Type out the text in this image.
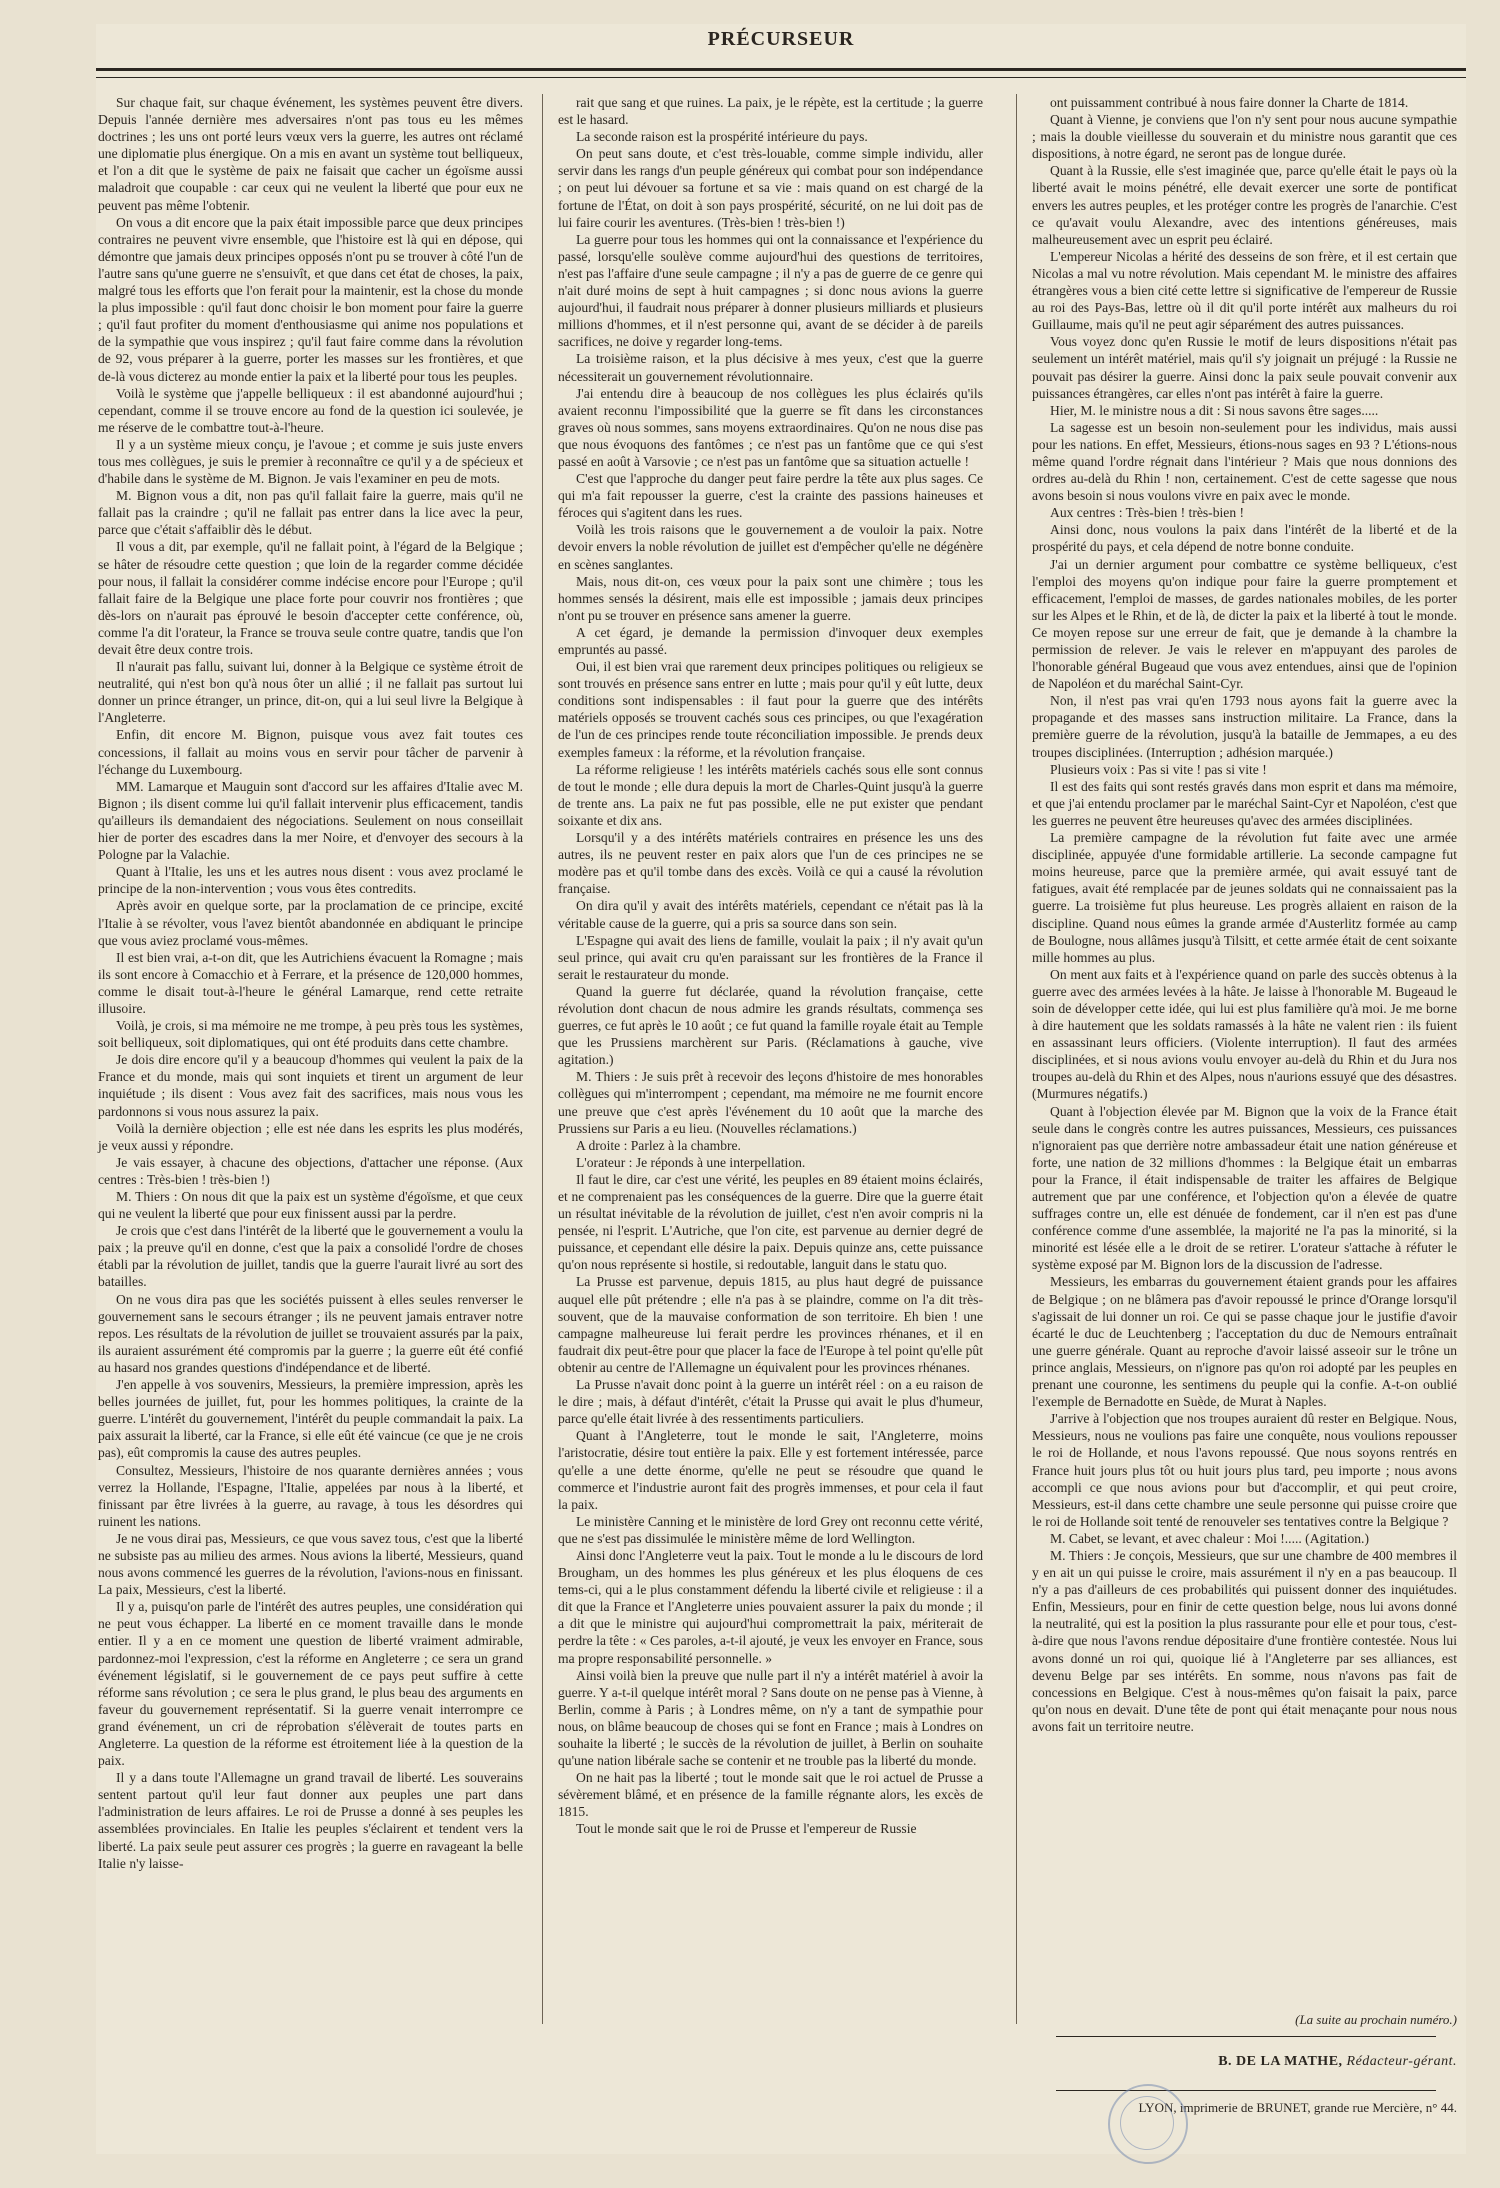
PRÉCURSEUR

Sur chaque fait, sur chaque événement, les systèmes peuvent être divers. Depuis l'année dernière mes adversaires n'ont pas tous eu les mêmes doctrines ; les uns ont porté leurs vœux vers la guerre, les autres ont réclamé une diplomatie plus énergique. On a mis en avant un système tout belliqueux, et l'on a dit que le système de paix ne faisait que cacher un égoïsme aussi maladroit que coupable : car ceux qui ne veulent la liberté que pour eux ne peuvent pas même l'obtenir.

On vous a dit encore que la paix était impossible parce que deux principes contraires ne peuvent vivre ensemble, que l'histoire est là qui en dépose, qui démontre que jamais deux principes opposés n'ont pu se trouver à côté l'un de l'autre sans qu'une guerre ne s'ensuivît, et que dans cet état de choses, la paix, malgré tous les efforts que l'on ferait pour la maintenir, est la chose du monde la plus impossible : qu'il faut donc choisir le bon moment pour faire la guerre ; qu'il faut profiter du moment d'enthousiasme qui anime nos populations et de la sympathie que vous inspirez ; qu'il faut faire comme dans la révolution de 92, vous préparer à la guerre, porter les masses sur les frontières, et que de-là vous dicterez au monde entier la paix et la liberté pour tous les peuples.

Voilà le système que j'appelle belliqueux : il est abandonné aujourd'hui ; cependant, comme il se trouve encore au fond de la question ici soulevée, je me réserve de le combattre tout-à-l'heure.

Il y a un système mieux conçu, je l'avoue ; et comme je suis juste envers tous mes collègues, je suis le premier à reconnaître ce qu'il y a de spécieux et d'habile dans le système de M. Bignon. Je vais l'examiner en peu de mots.

M. Bignon vous a dit, non pas qu'il fallait faire la guerre, mais qu'il ne fallait pas la craindre ; qu'il ne fallait pas entrer dans la lice avec la peur, parce que c'était s'affaiblir dès le début.

Il vous a dit, par exemple, qu'il ne fallait point, à l'égard de la Belgique ; se hâter de résoudre cette question ; que loin de la regarder comme décidée pour nous, il fallait la considérer comme indécise encore pour l'Europe ; qu'il fallait faire de la Belgique une place forte pour couvrir nos frontières ; que dès-lors on n'aurait pas éprouvé le besoin d'accepter cette conférence, où, comme l'a dit l'orateur, la France se trouva seule contre quatre, tandis que l'on devait être deux contre trois.

Il n'aurait pas fallu, suivant lui, donner à la Belgique ce système étroit de neutralité, qui n'est bon qu'à nous ôter un allié ; il ne fallait pas surtout lui donner un prince étranger, un prince, dit-on, qui a lui seul livre la Belgique à l'Angleterre.

Enfin, dit encore M. Bignon, puisque vous avez fait toutes ces concessions, il fallait au moins vous en servir pour tâcher de parvenir à l'échange du Luxembourg.

MM. Lamarque et Mauguin sont d'accord sur les affaires d'Italie avec M. Bignon ; ils disent comme lui qu'il fallait intervenir plus efficacement, tandis qu'ailleurs ils demandaient des négociations. Seulement on nous conseillait hier de porter des escadres dans la mer Noire, et d'envoyer des secours à la Pologne par la Valachie.

Quant à l'Italie, les uns et les autres nous disent : vous avez proclamé le principe de la non-intervention ; vous vous êtes contredits.

Après avoir en quelque sorte, par la proclamation de ce principe, excité l'Italie à se révolter, vous l'avez bientôt abandonnée en abdiquant le principe que vous aviez proclamé vous-mêmes.

Il est bien vrai, a-t-on dit, que les Autrichiens évacuent la Romagne ; mais ils sont encore à Comacchio et à Ferrare, et la présence de 120,000 hommes, comme le disait tout-à-l'heure le général Lamarque, rend cette retraite illusoire.

Voilà, je crois, si ma mémoire ne me trompe, à peu près tous les systèmes, soit belliqueux, soit diplomatiques, qui ont été produits dans cette chambre.

Je dois dire encore qu'il y a beaucoup d'hommes qui veulent la paix de la France et du monde, mais qui sont inquiets et tirent un argument de leur inquiétude ; ils disent : Vous avez fait des sacrifices, mais nous vous les pardonnons si vous nous assurez la paix.

Voilà la dernière objection ; elle est née dans les esprits les plus modérés, je veux aussi y répondre.

Je vais essayer, à chacune des objections, d'attacher une réponse. (Aux centres : Très-bien ! très-bien !)

M. Thiers : On nous dit que la paix est un système d'égoïsme, et que ceux qui ne veulent la liberté que pour eux finissent aussi par la perdre.

Je crois que c'est dans l'intérêt de la liberté que le gouvernement a voulu la paix ; la preuve qu'il en donne, c'est que la paix a consolidé l'ordre de choses établi par la révolution de juillet, tandis que la guerre l'aurait livré au sort des batailles.

On ne vous dira pas que les sociétés puissent à elles seules renverser le gouvernement sans le secours étranger ; ils ne peuvent jamais entraver notre repos. Les résultats de la révolution de juillet se trouvaient assurés par la paix, ils auraient assurément été compromis par la guerre ; la guerre eût été confié au hasard nos grandes questions d'indépendance et de liberté.

J'en appelle à vos souvenirs, Messieurs, la première impression, après les belles journées de juillet, fut, pour les hommes politiques, la crainte de la guerre. L'intérêt du gouvernement, l'intérêt du peuple commandait la paix. La paix assurait la liberté, car la France, si elle eût été vaincue (ce que je ne crois pas), eût compromis la cause des autres peuples.

Consultez, Messieurs, l'histoire de nos quarante dernières années ; vous verrez la Hollande, l'Espagne, l'Italie, appelées par nous à la liberté, et finissant par être livrées à la guerre, au ravage, à tous les désordres qui ruinent les nations.

Je ne vous dirai pas, Messieurs, ce que vous savez tous, c'est que la liberté ne subsiste pas au milieu des armes. Nous avions la liberté, Messieurs, quand nous avons commencé les guerres de la révolution, l'avions-nous en finissant. La paix, Messieurs, c'est la liberté.

Il y a, puisqu'on parle de l'intérêt des autres peuples, une considération qui ne peut vous échapper. La liberté en ce moment travaille dans le monde entier. Il y a en ce moment une question de liberté vraiment admirable, pardonnez-moi l'expression, c'est la réforme en Angleterre ; ce sera un grand événement législatif, si le gouvernement de ce pays peut suffire à cette réforme sans révolution ; ce sera le plus grand, le plus beau des arguments en faveur du gouvernement représentatif. Si la guerre venait interrompre ce grand événement, un cri de réprobation s'élèverait de toutes parts en Angleterre. La question de la réforme est étroitement liée à la question de la paix.

Il y a dans toute l'Allemagne un grand travail de liberté. Les souverains sentent partout qu'il leur faut donner aux peuples une part dans l'administration de leurs affaires. Le roi de Prusse a donné à ses peuples les assemblées provinciales. En Italie les peuples s'éclairent et tendent vers la liberté. La paix seule peut assurer ces progrès ; la guerre en ravageant la belle Italie n'y laisse-

rait que sang et que ruines. La paix, je le répète, est la certitude ; la guerre est le hasard.

La seconde raison est la prospérité intérieure du pays.

On peut sans doute, et c'est très-louable, comme simple individu, aller servir dans les rangs d'un peuple généreux qui combat pour son indépendance ; on peut lui dévouer sa fortune et sa vie : mais quand on est chargé de la fortune de l'État, on doit à son pays prospérité, sécurité, on ne lui doit pas de lui faire courir les aventures. (Très-bien ! très-bien !)

La guerre pour tous les hommes qui ont la connaissance et l'expérience du passé, lorsqu'elle soulève comme aujourd'hui des questions de territoires, n'est pas l'affaire d'une seule campagne ; il n'y a pas de guerre de ce genre qui n'ait duré moins de sept à huit campagnes ; si donc nous avions la guerre aujourd'hui, il faudrait nous préparer à donner plusieurs milliards et plusieurs millions d'hommes, et il n'est personne qui, avant de se décider à de pareils sacrifices, ne doive y regarder long-tems.

La troisième raison, et la plus décisive à mes yeux, c'est que la guerre nécessiterait un gouvernement révolutionnaire.

J'ai entendu dire à beaucoup de nos collègues les plus éclairés qu'ils avaient reconnu l'impossibilité que la guerre se fît dans les circonstances graves où nous sommes, sans moyens extraordinaires. Qu'on ne nous dise pas que nous évoquons des fantômes ; ce n'est pas un fantôme que ce qui s'est passé en août à Varsovie ; ce n'est pas un fantôme que sa situation actuelle !

C'est que l'approche du danger peut faire perdre la tête aux plus sages. Ce qui m'a fait repousser la guerre, c'est la crainte des passions haineuses et féroces qui s'agitent dans les rues.

Voilà les trois raisons que le gouvernement a de vouloir la paix. Notre devoir envers la noble révolution de juillet est d'empêcher qu'elle ne dégénère en scènes sanglantes.

Mais, nous dit-on, ces vœux pour la paix sont une chimère ; tous les hommes sensés la désirent, mais elle est impossible ; jamais deux principes n'ont pu se trouver en présence sans amener la guerre.

A cet égard, je demande la permission d'invoquer deux exemples empruntés au passé.

Oui, il est bien vrai que rarement deux principes politiques ou religieux se sont trouvés en présence sans entrer en lutte ; mais pour qu'il y eût lutte, deux conditions sont indispensables : il faut pour la guerre que des intérêts matériels opposés se trouvent cachés sous ces principes, ou que l'exagération de l'un de ces principes rende toute réconciliation impossible. Je prends deux exemples fameux : la réforme, et la révolution française.

La réforme religieuse ! les intérêts matériels cachés sous elle sont connus de tout le monde ; elle dura depuis la mort de Charles-Quint jusqu'à la guerre de trente ans. La paix ne fut pas possible, elle ne put exister que pendant soixante et dix ans.

Lorsqu'il y a des intérêts matériels contraires en présence les uns des autres, ils ne peuvent rester en paix alors que l'un de ces principes ne se modère pas et qu'il tombe dans des excès. Voilà ce qui a causé la révolution française.

On dira qu'il y avait des intérêts matériels, cependant ce n'était pas là la véritable cause de la guerre, qui a pris sa source dans son sein.

L'Espagne qui avait des liens de famille, voulait la paix ; il n'y avait qu'un seul prince, qui avait cru qu'en paraissant sur les frontières de la France il serait le restaurateur du monde.

Quand la guerre fut déclarée, quand la révolution française, cette révolution dont chacun de nous admire les grands résultats, commença ses guerres, ce fut après le 10 août ; ce fut quand la famille royale était au Temple que les Prussiens marchèrent sur Paris. (Réclamations à gauche, vive agitation.)

M. Thiers : Je suis prêt à recevoir des leçons d'histoire de mes honorables collègues qui m'interrompent ; cependant, ma mémoire ne me fournit encore une preuve que c'est après l'événement du 10 août que la marche des Prussiens sur Paris a eu lieu. (Nouvelles réclamations.)

A droite : Parlez à la chambre.

L'orateur : Je réponds à une interpellation.

Il faut le dire, car c'est une vérité, les peuples en 89 étaient moins éclairés, et ne comprenaient pas les conséquences de la guerre. Dire que la guerre était un résultat inévitable de la révolution de juillet, c'est n'en avoir compris ni la pensée, ni l'esprit. L'Autriche, que l'on cite, est parvenue au dernier degré de puissance, et cependant elle désire la paix. Depuis quinze ans, cette puissance qu'on nous représente si hostile, si redoutable, languit dans le statu quo.

La Prusse est parvenue, depuis 1815, au plus haut degré de puissance auquel elle pût prétendre ; elle n'a pas à se plaindre, comme on l'a dit très-souvent, que de la mauvaise conformation de son territoire. Eh bien ! une campagne malheureuse lui ferait perdre les provinces rhénanes, et il en faudrait dix peut-être pour que placer la face de l'Europe à tel point qu'elle pût obtenir au centre de l'Allemagne un équivalent pour les provinces rhénanes.

La Prusse n'avait donc point à la guerre un intérêt réel : on a eu raison de le dire ; mais, à défaut d'intérêt, c'était la Prusse qui avait le plus d'humeur, parce qu'elle était livrée à des ressentiments particuliers.

Quant à l'Angleterre, tout le monde le sait, l'Angleterre, moins l'aristocratie, désire tout entière la paix. Elle y est fortement intéressée, parce qu'elle a une dette énorme, qu'elle ne peut se résoudre que quand le commerce et l'industrie auront fait des progrès immenses, et pour cela il faut la paix.

Le ministère Canning et le ministère de lord Grey ont reconnu cette vérité, que ne s'est pas dissimulée le ministère même de lord Wellington.

Ainsi donc l'Angleterre veut la paix. Tout le monde a lu le discours de lord Brougham, un des hommes les plus généreux et les plus éloquens de ces tems-ci, qui a le plus constamment défendu la liberté civile et religieuse : il a dit que la France et l'Angleterre unies pouvaient assurer la paix du monde ; il a dit que le ministre qui aujourd'hui compromettrait la paix, mériterait de perdre la tête : « Ces paroles, a-t-il ajouté, je veux les envoyer en France, sous ma propre responsabilité personnelle. »

Ainsi voilà bien la preuve que nulle part il n'y a intérêt matériel à avoir la guerre. Y a-t-il quelque intérêt moral ? Sans doute on ne pense pas à Vienne, à Berlin, comme à Paris ; à Londres même, on n'y a tant de sympathie pour nous, on blâme beaucoup de choses qui se font en France ; mais à Londres on souhaite la liberté ; le succès de la révolution de juillet, à Berlin on souhaite qu'une nation libérale sache se contenir et ne trouble pas la liberté du monde.

On ne hait pas la liberté ; tout le monde sait que le roi actuel de Prusse a sévèrement blâmé, et en présence de la famille régnante alors, les excès de 1815.

Tout le monde sait que le roi de Prusse et l'empereur de Russie

ont puissamment contribué à nous faire donner la Charte de 1814.

Quant à Vienne, je conviens que l'on n'y sent pour nous aucune sympathie ; mais la double vieillesse du souverain et du ministre nous garantit que ces dispositions, à notre égard, ne seront pas de longue durée.

Quant à la Russie, elle s'est imaginée que, parce qu'elle était le pays où la liberté avait le moins pénétré, elle devait exercer une sorte de pontificat envers les autres peuples, et les protéger contre les progrès de l'anarchie. C'est ce qu'avait voulu Alexandre, avec des intentions généreuses, mais malheureusement avec un esprit peu éclairé.

L'empereur Nicolas a hérité des desseins de son frère, et il est certain que Nicolas a mal vu notre révolution. Mais cependant M. le ministre des affaires étrangères vous a bien cité cette lettre si significative de l'empereur de Russie au roi des Pays-Bas, lettre où il dit qu'il porte intérêt aux malheurs du roi Guillaume, mais qu'il ne peut agir séparément des autres puissances.

Vous voyez donc qu'en Russie le motif de leurs dispositions n'était pas seulement un intérêt matériel, mais qu'il s'y joignait un préjugé : la Russie ne pouvait pas désirer la guerre. Ainsi donc la paix seule pouvait convenir aux puissances étrangères, car elles n'ont pas intérêt à faire la guerre.

Hier, M. le ministre nous a dit : Si nous savons être sages.....

La sagesse est un besoin non-seulement pour les individus, mais aussi pour les nations. En effet, Messieurs, étions-nous sages en 93 ? L'étions-nous même quand l'ordre régnait dans l'intérieur ? Mais que nous donnions des ordres au-delà du Rhin ! non, certainement. C'est de cette sagesse que nous avons besoin si nous voulons vivre en paix avec le monde.

Aux centres : Très-bien ! très-bien !

Ainsi donc, nous voulons la paix dans l'intérêt de la liberté et de la prospérité du pays, et cela dépend de notre bonne conduite.

J'ai un dernier argument pour combattre ce système belliqueux, c'est l'emploi des moyens qu'on indique pour faire la guerre promptement et efficacement, l'emploi de masses, de gardes nationales mobiles, de les porter sur les Alpes et le Rhin, et de là, de dicter la paix et la liberté à tout le monde. Ce moyen repose sur une erreur de fait, que je demande à la chambre la permission de relever. Je vais le relever en m'appuyant des paroles de l'honorable général Bugeaud que vous avez entendues, ainsi que de l'opinion de Napoléon et du maréchal Saint-Cyr.

Non, il n'est pas vrai qu'en 1793 nous ayons fait la guerre avec la propagande et des masses sans instruction militaire. La France, dans la première guerre de la révolution, jusqu'à la bataille de Jemmapes, a eu des troupes disciplinées. (Interruption ; adhésion marquée.)

Plusieurs voix : Pas si vite ! pas si vite !

Il est des faits qui sont restés gravés dans mon esprit et dans ma mémoire, et que j'ai entendu proclamer par le maréchal Saint-Cyr et Napoléon, c'est que les guerres ne peuvent être heureuses qu'avec des armées disciplinées.

La première campagne de la révolution fut faite avec une armée disciplinée, appuyée d'une formidable artillerie. La seconde campagne fut moins heureuse, parce que la première armée, qui avait essuyé tant de fatigues, avait été remplacée par de jeunes soldats qui ne connaissaient pas la guerre. La troisième fut plus heureuse. Les progrès allaient en raison de la discipline. Quand nous eûmes la grande armée d'Austerlitz formée au camp de Boulogne, nous allâmes jusqu'à Tilsitt, et cette armée était de cent soixante mille hommes au plus.

On ment aux faits et à l'expérience quand on parle des succès obtenus à la guerre avec des armées levées à la hâte. Je laisse à l'honorable M. Bugeaud le soin de développer cette idée, qui lui est plus familière qu'à moi. Je me borne à dire hautement que les soldats ramassés à la hâte ne valent rien : ils fuient en assassinant leurs officiers. (Violente interruption). Il faut des armées disciplinées, et si nous avions voulu envoyer au-delà du Rhin et du Jura nos troupes au-delà du Rhin et des Alpes, nous n'aurions essuyé que des désastres. (Murmures négatifs.)

Quant à l'objection élevée par M. Bignon que la voix de la France était seule dans le congrès contre les autres puissances, Messieurs, ces puissances n'ignoraient pas que derrière notre ambassadeur était une nation généreuse et forte, une nation de 32 millions d'hommes : la Belgique était un embarras pour la France, il était indispensable de traiter les affaires de Belgique autrement que par une conférence, et l'objection qu'on a élevée de quatre suffrages contre un, elle est dénuée de fondement, car il n'en est pas d'une conférence comme d'une assemblée, la majorité ne l'a pas la minorité, si la minorité est lésée elle a le droit de se retirer. L'orateur s'attache à réfuter le système exposé par M. Bignon lors de la discussion de l'adresse.

Messieurs, les embarras du gouvernement étaient grands pour les affaires de Belgique ; on ne blâmera pas d'avoir repoussé le prince d'Orange lorsqu'il s'agissait de lui donner un roi. Ce qui se passe chaque jour le justifie d'avoir écarté le duc de Leuchtenberg ; l'acceptation du duc de Nemours entraînait une guerre générale. Quant au reproche d'avoir laissé asseoir sur le trône un prince anglais, Messieurs, on n'ignore pas qu'on roi adopté par les peuples en prenant une couronne, les sentimens du peuple qui la confie. A-t-on oublié l'exemple de Bernadotte en Suède, de Murat à Naples.

J'arrive à l'objection que nos troupes auraient dû rester en Belgique. Nous, Messieurs, nous ne voulions pas faire une conquête, nous voulions repousser le roi de Hollande, et nous l'avons repoussé. Que nous soyons rentrés en France huit jours plus tôt ou huit jours plus tard, peu importe ; nous avons accompli ce que nous avions pour but d'accomplir, et qui peut croire, Messieurs, est-il dans cette chambre une seule personne qui puisse croire que le roi de Hollande soit tenté de renouveler ses tentatives contre la Belgique ?

M. Cabet, se levant, et avec chaleur : Moi !..... (Agitation.)

M. Thiers : Je conçois, Messieurs, que sur une chambre de 400 membres il y en ait un qui puisse le croire, mais assurément il n'y en a pas beaucoup. Il n'y a pas d'ailleurs de ces probabilités qui puissent donner des inquiétudes. Enfin, Messieurs, pour en finir de cette question belge, nous lui avons donné la neutralité, qui est la position la plus rassurante pour elle et pour tous, c'est-à-dire que nous l'avons rendue dépositaire d'une frontière contestée. Nous lui avons donné un roi qui, quoique lié à l'Angleterre par ses alliances, est devenu Belge par ses intérêts. En somme, nous n'avons pas fait de concessions en Belgique. C'est à nous-mêmes qu'on faisait la paix, parce qu'on nous en devait. D'une tête de pont qui était menaçante pour nous nous avons fait un territoire neutre.

(La suite au prochain numéro.)
B. DE LA MATHE, Rédacteur-gérant.
LYON, imprimerie de BRUNET, grande rue Mercière, n° 44.
